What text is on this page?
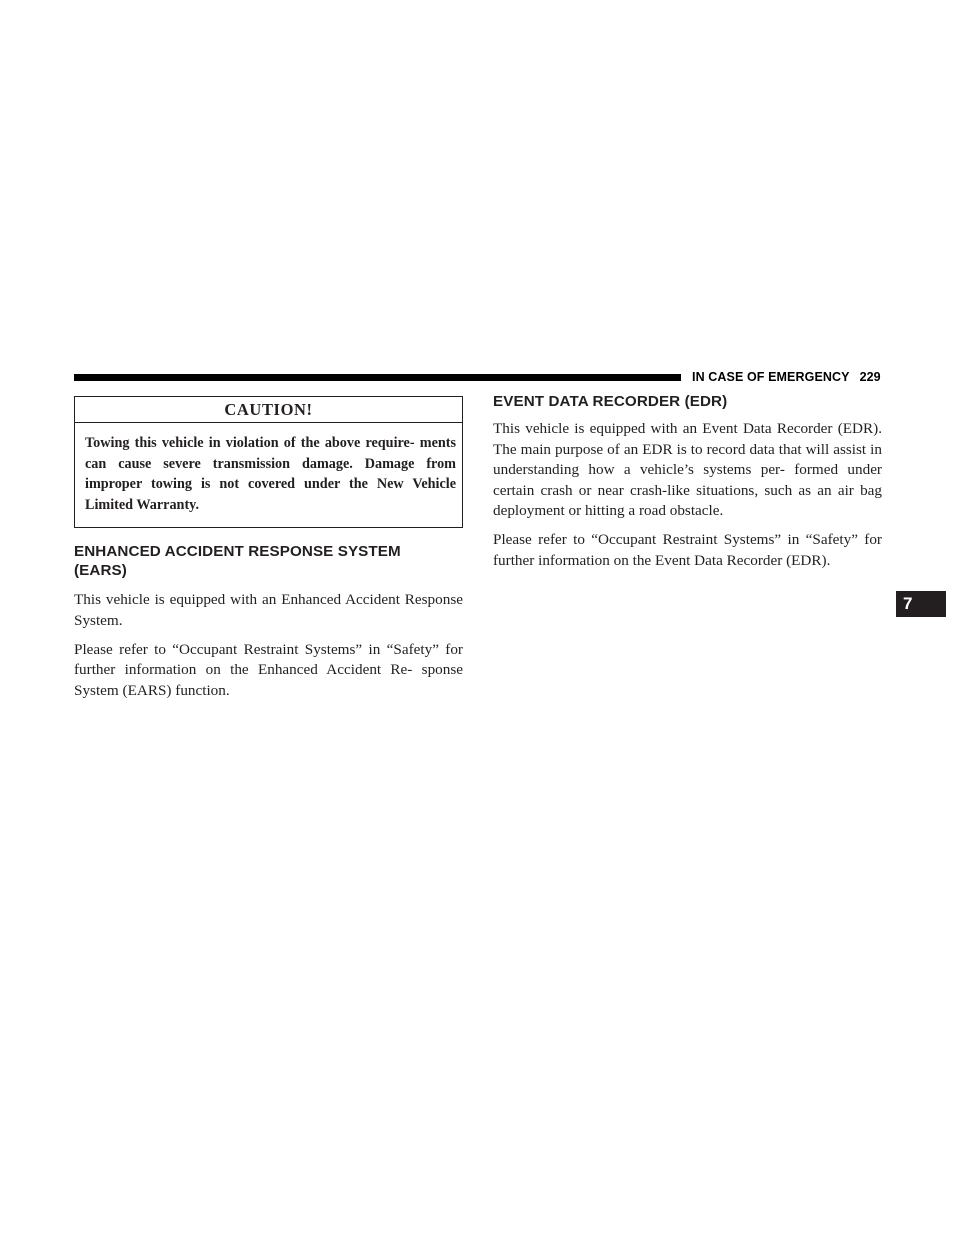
IN CASE OF EMERGENCY 229
CAUTION!
Towing this vehicle in violation of the above require- ments can cause severe transmission damage. Damage from improper towing is not covered under the New Vehicle Limited Warranty.
ENHANCED ACCIDENT RESPONSE SYSTEM (EARS)

This vehicle is equipped with an Enhanced Accident Response System.

Please refer to “Occupant Restraint Systems” in “Safety” for further information on the Enhanced Accident Re- sponse System (EARS) function.

EVENT DATA RECORDER (EDR)

This vehicle is equipped with an Event Data Recorder (EDR). The main purpose of an EDR is to record data that will assist in understanding how a vehicle’s systems per- formed under certain crash or near crash-like situations, such as an air bag deployment or hitting a road obstacle.

Please refer to “Occupant Restraint Systems” in “Safety” for further information on the Event Data Recorder (EDR).

7
